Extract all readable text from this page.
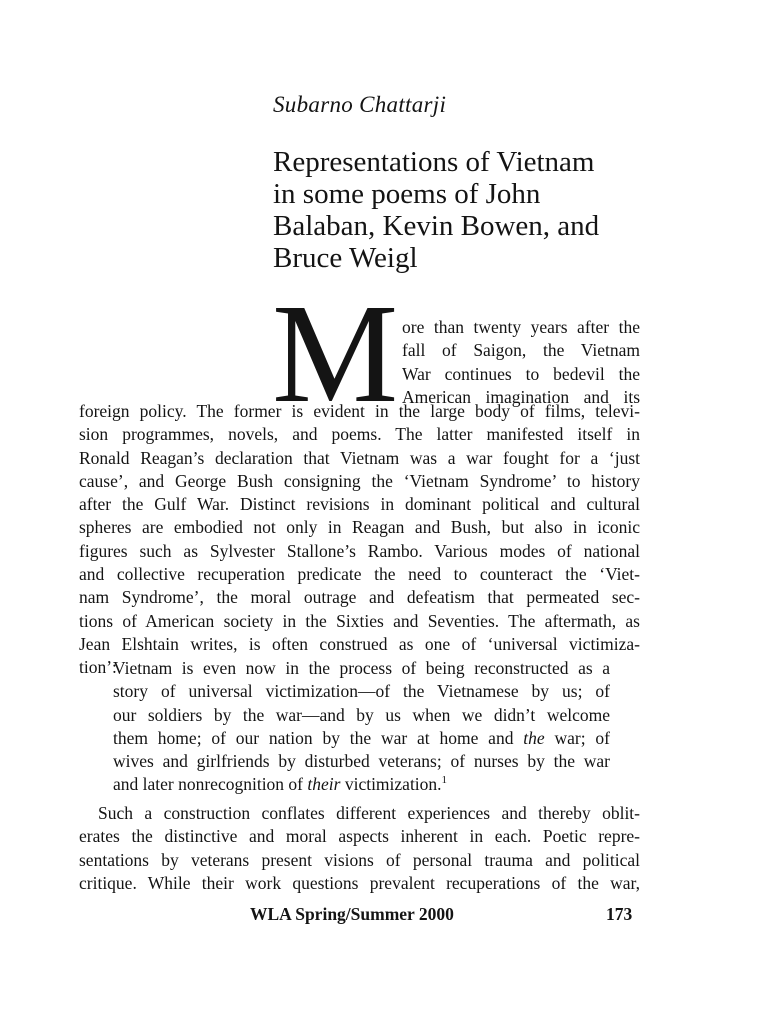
Subarno Chattarji
Representations of Vietnam
in some poems of John
Balaban, Kevin Bowen, and
Bruce Weigl
M ore than twenty years after the
fall of Saigon, the Vietnam
War continues to bedevil the
American imagination and its
foreign policy. The former is evident in the large body of films, televi-
sion programmes, novels, and poems. The latter manifested itself in
Ronald Reagan’s declaration that Vietnam was a war fought for a ‘just
cause’, and George Bush consigning the ‘Vietnam Syndrome’ to history
after the Gulf War. Distinct revisions in dominant political and cultural
spheres are embodied not only in Reagan and Bush, but also in iconic
figures such as Sylvester Stallone’s Rambo. Various modes of national
and collective recuperation predicate the need to counteract the ‘Viet-
nam Syndrome’, the moral outrage and defeatism that permeated sec-
tions of American society in the Sixties and Seventies. The aftermath, as
Jean Elshtain writes, is often construed as one of ‘universal victimiza-
tion’:
Vietnam is even now in the process of being reconstructed as a
story of universal victimization—of the Vietnamese by us; of
our soldiers by the war—and by us when we didn’t welcome
them home; of our nation by the war at home and the war; of
wives and girlfriends by disturbed veterans; of nurses by the war
and later nonrecognition of their victimization.$^1$
Such a construction conflates different experiences and thereby oblit-
erates the distinctive and moral aspects inherent in each. Poetic repre-
sentations by veterans present visions of personal trauma and political
critique. While their work questions prevalent recuperations of the war,
WLA Spring/Summer 2000	173
